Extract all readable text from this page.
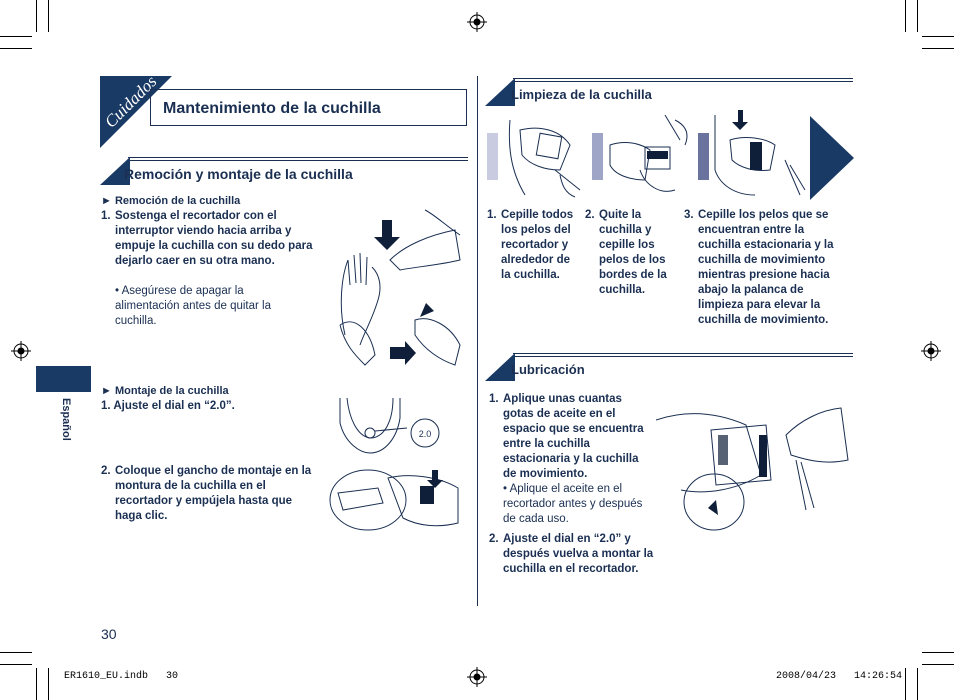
Cuidados Mantenimiento de la cuchilla
Remoción y montaje de la cuchilla
► Remoción de la cuchilla
1. Sostenga el recortador con el interruptor viendo hacia arriba y empuje la cuchilla con su dedo para dejarlo caer en su otra mano.
• Asegúrese de apagar la alimentación antes de quitar la cuchilla.
► Montaje de la cuchilla
1. Ajuste el dial en “2.0”.
2.0
2. Coloque el gancho de montaje en la montura de la cuchilla en el recortador y empújela hasta que haga clic.
Limpieza de la cuchilla
1. Cepille todos los pelos del recortador y alrededor de la cuchilla.
2. Quite la cuchilla y cepille los pelos de los bordes de la cuchilla.
3. Cepille los pelos que se encuentran entre la cuchilla estacionaria y la cuchilla de movimiento mientras presione hacia abajo la palanca de limpieza para elevar la cuchilla de movimiento.
Lubricación
1. Aplique unas cuantas gotas de aceite en el espacio que se encuentra entre la cuchilla estacionaria y la cuchilla de movimiento.
• Aplique el aceite en el recortador antes y después de cada uso.
2. Ajuste el dial en “2.0” y después vuelva a montar la cuchilla en el recortador.
Español
30
ER1610_EU.indb   30	2008/04/23   14:26:54
